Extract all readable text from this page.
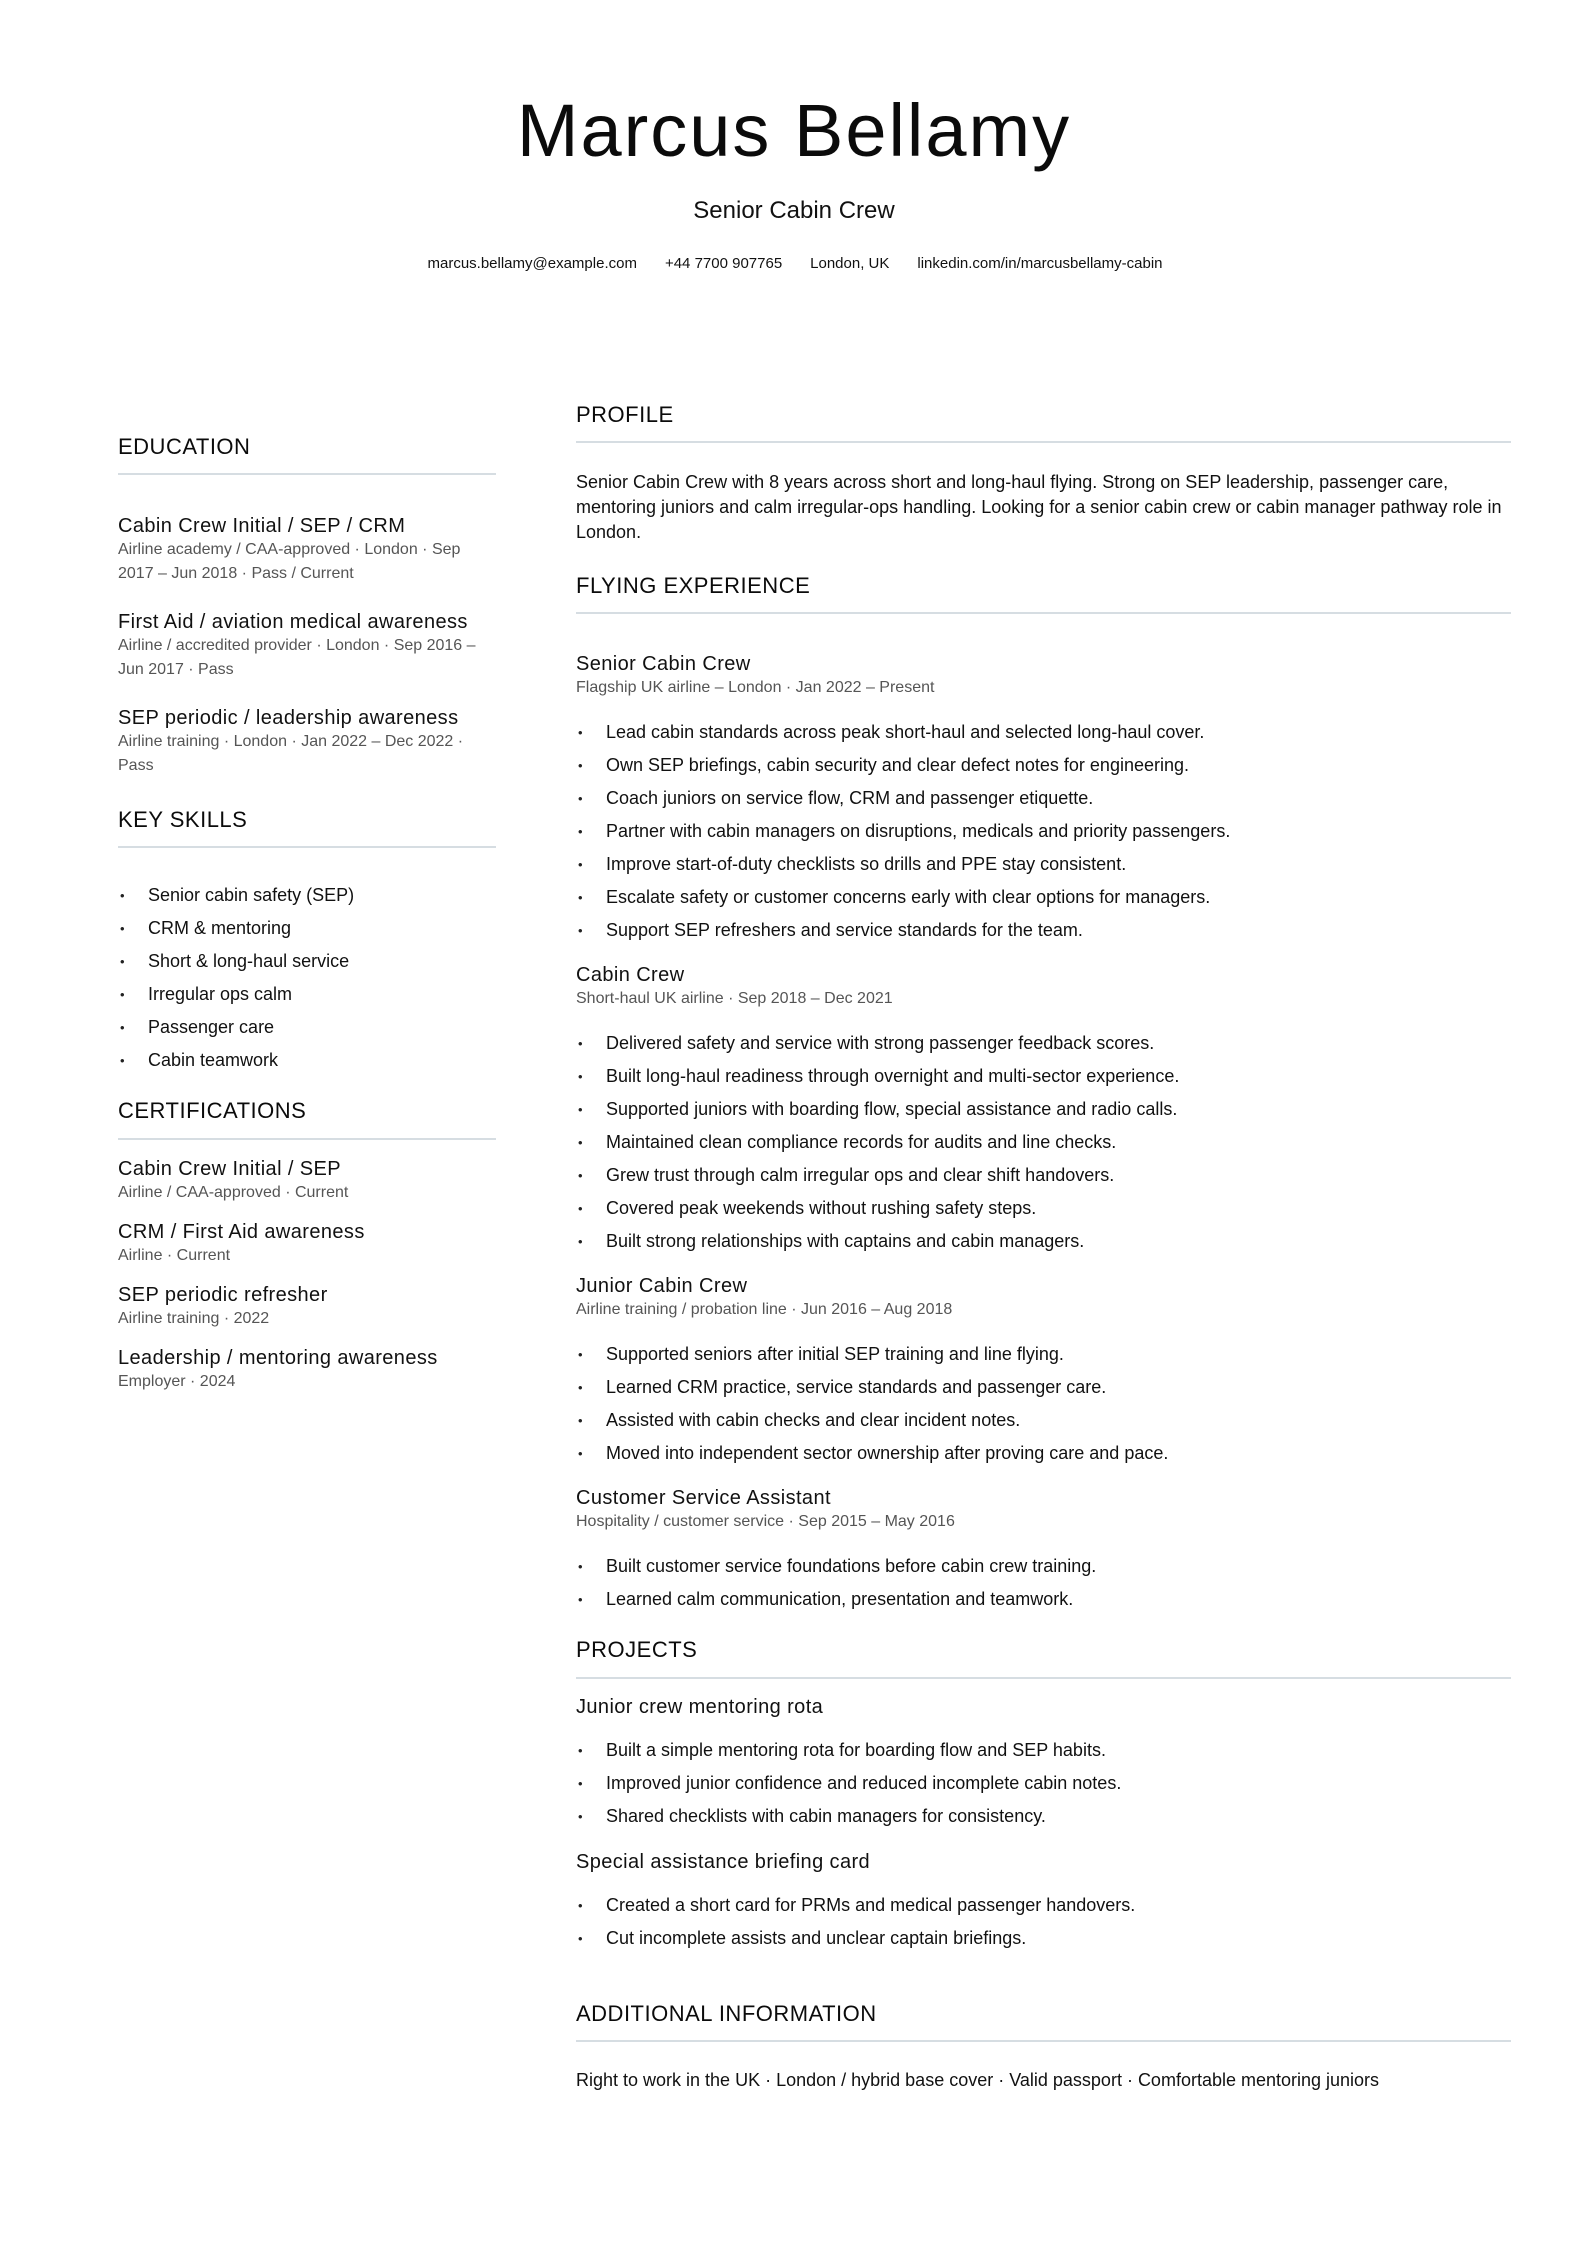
Marcus Bellamy
Senior Cabin Crew
marcus.bellamy@example.com +44 7700 907765 London, UK linkedin.com/in/marcusbellamy-cabin
EDUCATION
Cabin Crew Initial / SEP / CRM
Airline academy / CAA-approved · London · Sep 2017 – Jun 2018 · Pass / Current
First Aid / aviation medical awareness
Airline / accredited provider · London · Sep 2016 – Jun 2017 · Pass
SEP periodic / leadership awareness
Airline training · London · Jan 2022 – Dec 2022 · Pass
KEY SKILLS
• Senior cabin safety (SEP)
• CRM & mentoring
• Short & long-haul service
• Irregular ops calm
• Passenger care
• Cabin teamwork
CERTIFICATIONS
Cabin Crew Initial / SEP
Airline / CAA-approved · Current
CRM / First Aid awareness
Airline · Current
SEP periodic refresher
Airline training · 2022
Leadership / mentoring awareness
Employer · 2024
PROFILE
Senior Cabin Crew with 8 years across short and long-haul flying. Strong on SEP leadership, passenger care, mentoring juniors and calm irregular-ops handling. Looking for a senior cabin crew or cabin manager pathway role in London.
FLYING EXPERIENCE
Senior Cabin Crew
Flagship UK airline – London · Jan 2022 – Present
• Lead cabin standards across peak short-haul and selected long-haul cover.
• Own SEP briefings, cabin security and clear defect notes for engineering.
• Coach juniors on service flow, CRM and passenger etiquette.
• Partner with cabin managers on disruptions, medicals and priority passengers.
• Improve start-of-duty checklists so drills and PPE stay consistent.
• Escalate safety or customer concerns early with clear options for managers.
• Support SEP refreshers and service standards for the team.
Cabin Crew
Short-haul UK airline · Sep 2018 – Dec 2021
• Delivered safety and service with strong passenger feedback scores.
• Built long-haul readiness through overnight and multi-sector experience.
• Supported juniors with boarding flow, special assistance and radio calls.
• Maintained clean compliance records for audits and line checks.
• Grew trust through calm irregular ops and clear shift handovers.
• Covered peak weekends without rushing safety steps.
• Built strong relationships with captains and cabin managers.
Junior Cabin Crew
Airline training / probation line · Jun 2016 – Aug 2018
• Supported seniors after initial SEP training and line flying.
• Learned CRM practice, service standards and passenger care.
• Assisted with cabin checks and clear incident notes.
• Moved into independent sector ownership after proving care and pace.
Customer Service Assistant
Hospitality / customer service · Sep 2015 – May 2016
• Built customer service foundations before cabin crew training.
• Learned calm communication, presentation and teamwork.
PROJECTS
Junior crew mentoring rota
• Built a simple mentoring rota for boarding flow and SEP habits.
• Improved junior confidence and reduced incomplete cabin notes.
• Shared checklists with cabin managers for consistency.
Special assistance briefing card
• Created a short card for PRMs and medical passenger handovers.
• Cut incomplete assists and unclear captain briefings.
ADDITIONAL INFORMATION
Right to work in the UK · London / hybrid base cover · Valid passport · Comfortable mentoring juniors
